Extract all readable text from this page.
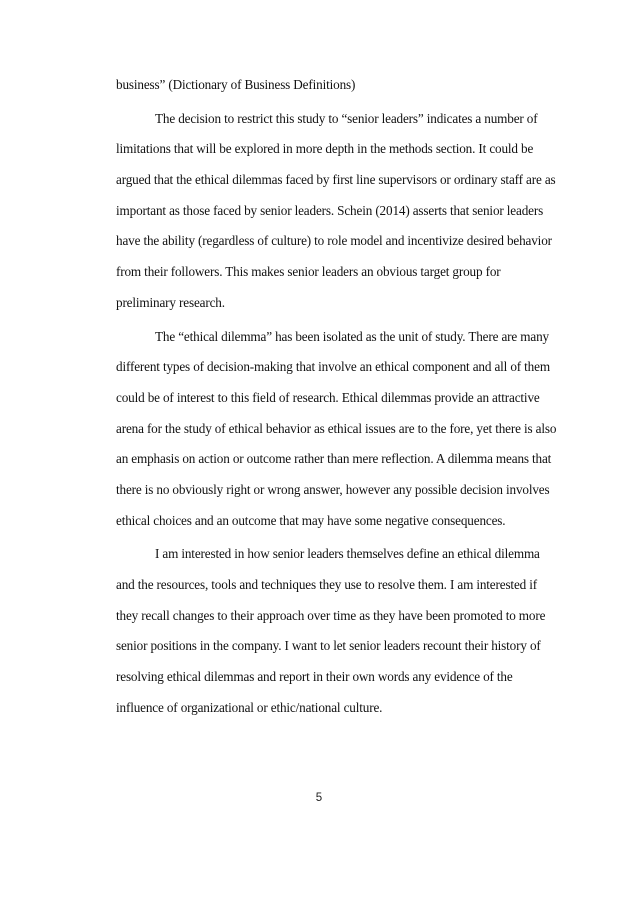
business” (Dictionary of Business Definitions)
The decision to restrict this study to “senior leaders” indicates a number of
limitations that will be explored in more depth in the methods section. It could be
argued that the ethical dilemmas faced by first line supervisors or ordinary staff are as
important as those faced by senior leaders. Schein (2014) asserts that senior leaders
have the ability (regardless of culture) to role model and incentivize desired behavior
from their followers. This makes senior leaders an obvious target group for
preliminary research.
The “ethical dilemma” has been isolated as the unit of study. There are many
different types of decision-making that involve an ethical component and all of them
could be of interest to this field of research. Ethical dilemmas provide an attractive
arena for the study of ethical behavior as ethical issues are to the fore, yet there is also
an emphasis on action or outcome rather than mere reflection. A dilemma means that
there is no obviously right or wrong answer, however any possible decision involves
ethical choices and an outcome that may have some negative consequences.
I am interested in how senior leaders themselves define an ethical dilemma
and the resources, tools and techniques they use to resolve them. I am interested if
they recall changes to their approach over time as they have been promoted to more
senior positions in the company. I want to let senior leaders recount their history of
resolving ethical dilemmas and report in their own words any evidence of the
influence of organizational or ethic/national culture.
5
